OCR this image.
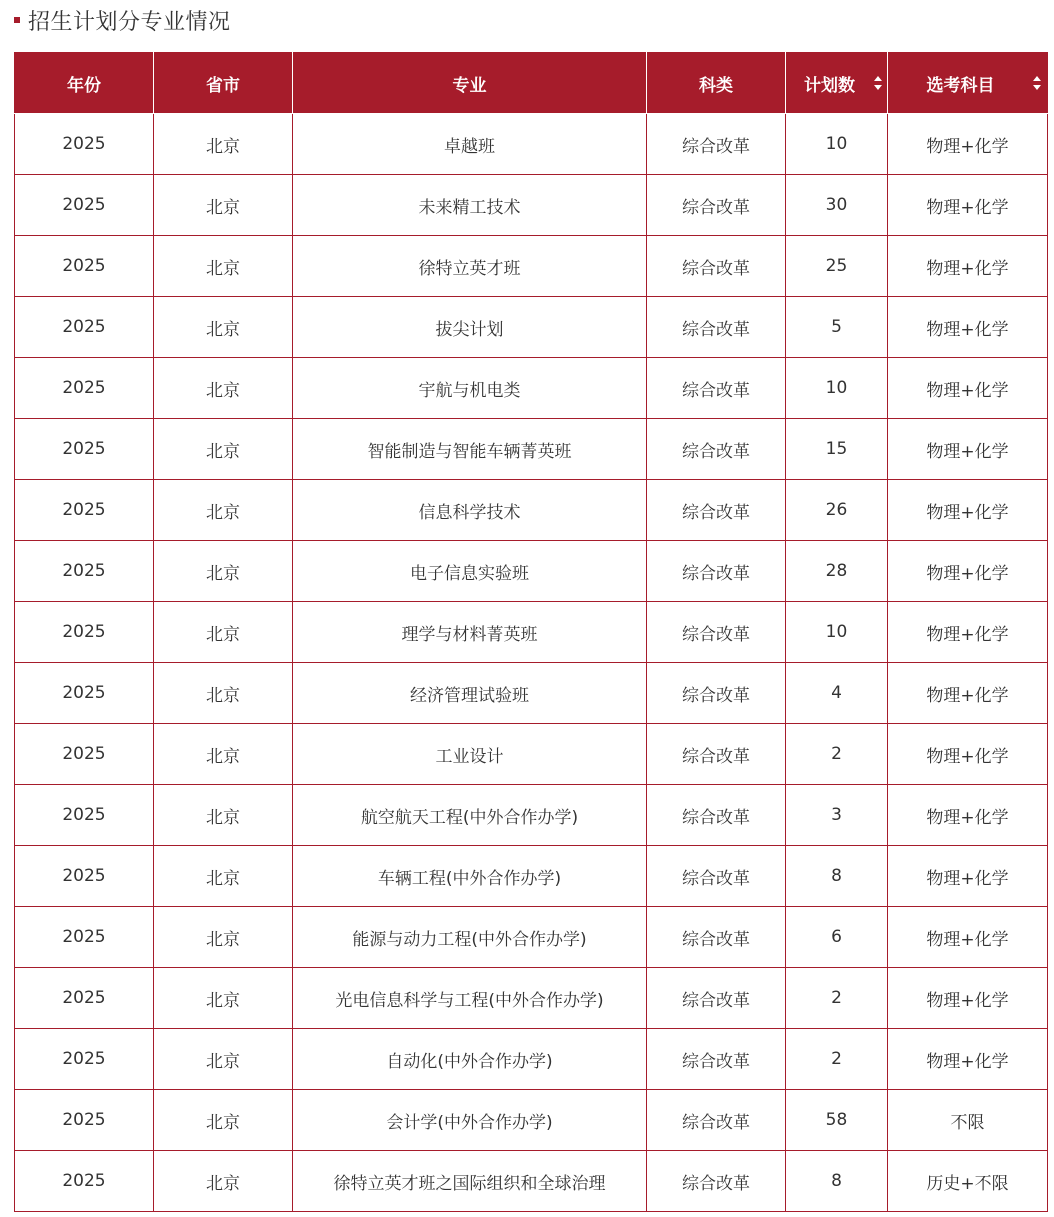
招生计划分专业情况
年份	省市	专业	科类	计划数	选考科目

2025	北京	卓越班	综合改革	10	物理+化学
2025	北京	未来精工技术	综合改革	30	物理+化学
2025	北京	徐特立英才班	综合改革	25	物理+化学
2025	北京	拔尖计划	综合改革	5	物理+化学
2025	北京	宇航与机电类	综合改革	10	物理+化学
2025	北京	智能制造与智能车辆菁英班	综合改革	15	物理+化学
2025	北京	信息科学技术	综合改革	26	物理+化学
2025	北京	电子信息实验班	综合改革	28	物理+化学
2025	北京	理学与材料菁英班	综合改革	10	物理+化学
2025	北京	经济管理试验班	综合改革	4	物理+化学
2025	北京	工业设计	综合改革	2	物理+化学
2025	北京	航空航天工程(中外合作办学)	综合改革	3	物理+化学
2025	北京	车辆工程(中外合作办学)	综合改革	8	物理+化学
2025	北京	能源与动力工程(中外合作办学)	综合改革	6	物理+化学
2025	北京	光电信息科学与工程(中外合作办学)	综合改革	2	物理+化学
2025	北京	自动化(中外合作办学)	综合改革	2	物理+化学
2025	北京	会计学(中外合作办学)	综合改革	58	不限
2025	北京	徐特立英才班之国际组织和全球治理	综合改革	8	历史+不限
